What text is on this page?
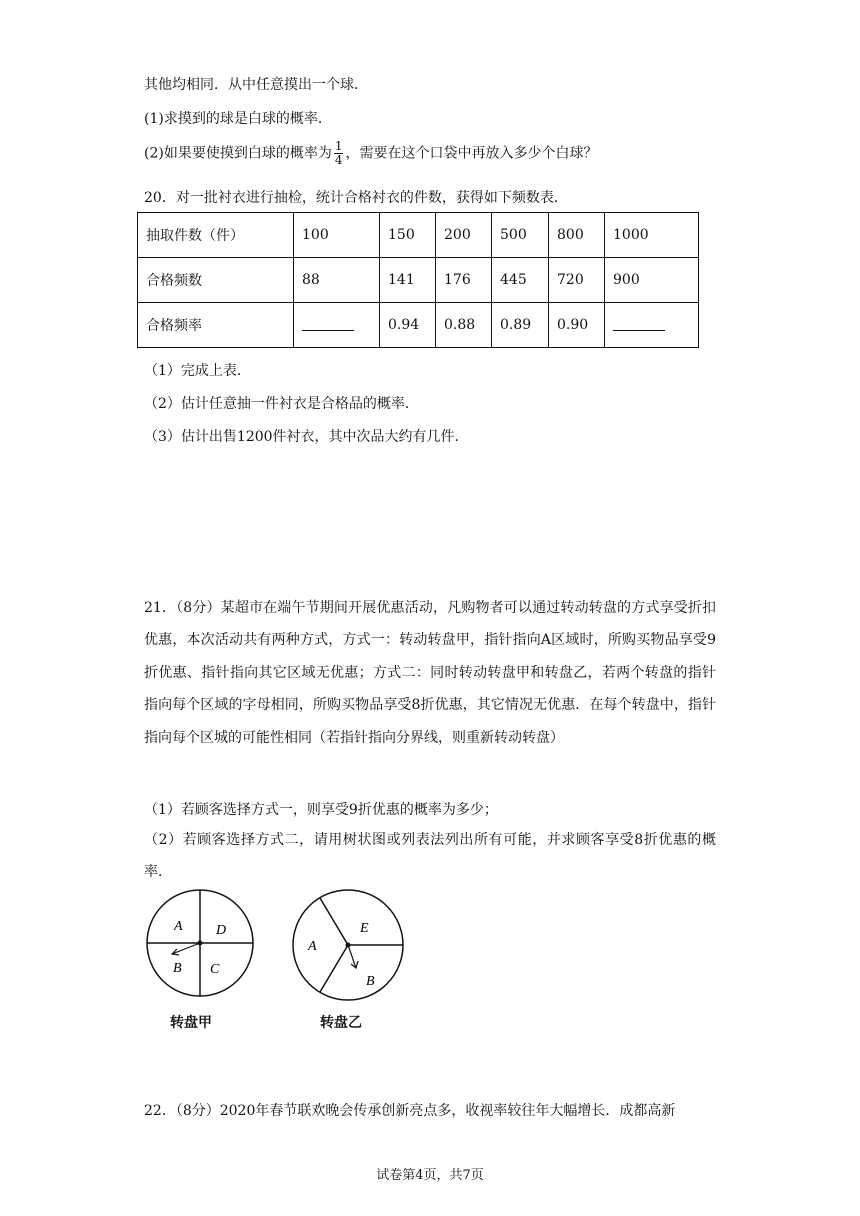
其他均相同．从中任意摸出一个球．
(1)求摸到的球是白球的概率．
(2)如果要使摸到白球的概率为 $\frac{1}{4}$ ，需要在这个口袋中再放入多少个白球？
20．对一批衬衣进行抽检，统计合格衬衣的件数，获得如下频数表．
抽取件数（件）	100	150	200	500	800	1000
合格频数	88	141	176	445	720	900
合格频率		0.94	0.88	0.89	0.90	
（1）完成上表．
（2）估计任意抽一件衬衣是合格品的概率．
（3）估计出售1200件衬衣，其中次品大约有几件．
21．（8分）某超市在端午节期间开展优惠活动，凡购物者可以通过转动转盘的方式享受折扣优惠，本次活动共有两种方式，方式一：转动转盘甲，指针指向A区域时，所购买物品享受9折优惠、指针指向其它区域无优惠；方式二：同时转动转盘甲和转盘乙，若两个转盘的指针指向每个区域的字母相同，所购买物品享受8折优惠，其它情况无优惠．在每个转盘中，指针指向每个区城的可能性相同（若指针指向分界线，则重新转动转盘）
（1）若顾客选择方式一，则享受9折优惠的概率为多少；
（2）若顾客选择方式二，请用树状图或列表法列出所有可能，并求顾客享受8折优惠的概率．
A
B C
D
A
B
E
转盘甲	转盘乙
22．（8分）2020年春节联欢晚会传承创新亮点多，收视率较往年大幅增长．成都高新
试卷第4页，共7页
